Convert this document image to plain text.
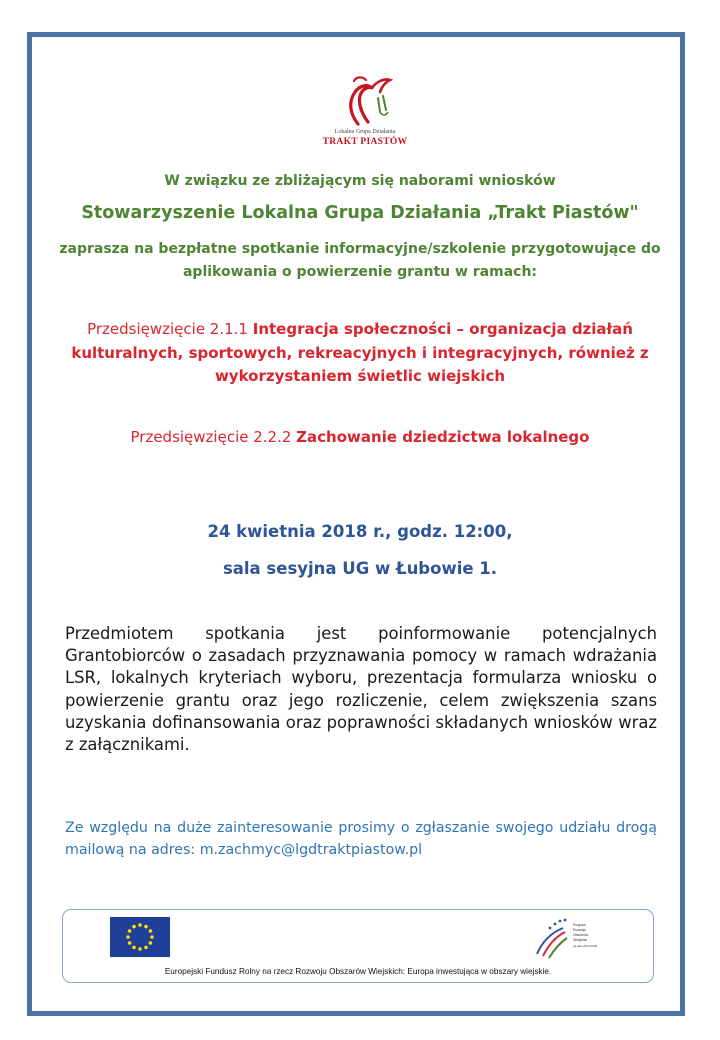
Lokalna Grupa Działania
TRAKT PIASTÓW
W związku ze zbliżającym się naborami wniosków
Stowarzyszenie Lokalna Grupa Działania „Trakt Piastów"
zaprasza na bezpłatne spotkanie informacyjne/szkolenie przygotowujące do aplikowania o powierzenie grantu w ramach:
Przedsięwzięcie 2.1.1 Integracja społeczności – organizacja działań kulturalnych, sportowych, rekreacyjnych i integracyjnych, również z wykorzystaniem świetlic wiejskich
Przedsięwzięcie 2.2.2 Zachowanie dziedzictwa lokalnego
24 kwietnia 2018 r., godz. 12:00,
sala sesyjna UG w Łubowie 1.
Przedmiotem spotkania jest poinformowanie potencjalnych Grantobiorców o zasadach przyznawania pomocy w ramach wdrażania LSR, lokalnych kryteriach wyboru, prezentacja formularza wniosku o powierzenie grantu oraz jego rozliczenie, celem zwiększenia szans uzyskania dofinansowania oraz poprawności składanych wniosków wraz z załącznikami.
Ze względu na duże zainteresowanie prosimy o zgłaszanie swojego udziału drogą mailową na adres: m.zachmyc@lgdtraktpiastow.pl
Program
Rozwoju
Obszarów
Wiejskich
na lata 2014-2020
Europejski Fundusz Rolny na rzecz Rozwoju Obszarów Wiejskich: Europa inwestująca w obszary wiejskie.
